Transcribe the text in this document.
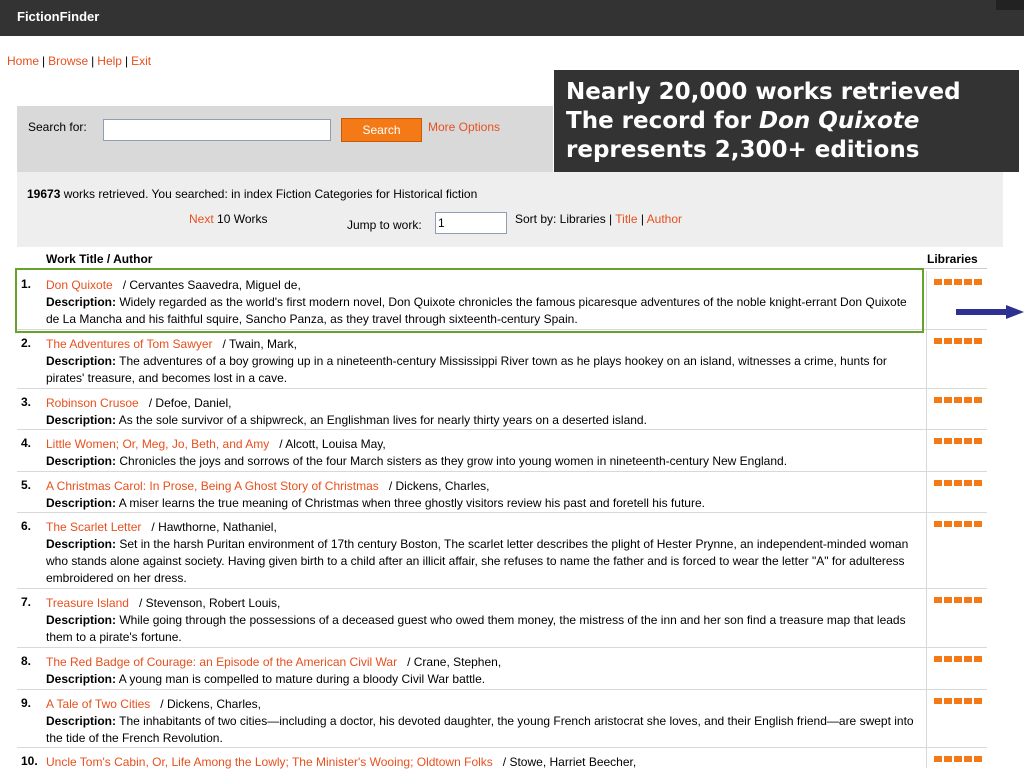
FictionFinder
Home | Browse | Help | Exit
Search for:	Search	More Options
Nearly 20,000 works retrieved
The record for Don Quixote
represents 2,300+ editions
19673 works retrieved. You searched: in index Fiction Categories for Historical fiction
Next 10 Works	Jump to work:
1	Sort by: Libraries | Title | Author
Work Title / Author	Libraries
1. Don Quixote / Cervantes Saavedra, Miguel de,
Description: Widely regarded as the world's first modern novel, Don Quixote chronicles the famous picaresque adventures of the noble knight-errant Don Quixote de La Mancha and his faithful squire, Sancho Panza, as they travel through sixteenth-century Spain.
2. The Adventures of Tom Sawyer / Twain, Mark,
Description: The adventures of a boy growing up in a nineteenth-century Mississippi River town as he plays hookey on an island, witnesses a crime, hunts for pirates' treasure, and becomes lost in a cave.
3. Robinson Crusoe / Defoe, Daniel,
Description: As the sole survivor of a shipwreck, an Englishman lives for nearly thirty years on a deserted island.
4. Little Women; Or, Meg, Jo, Beth, and Amy / Alcott, Louisa May,
Description: Chronicles the joys and sorrows of the four March sisters as they grow into young women in nineteenth-century New England.
5. A Christmas Carol: In Prose, Being A Ghost Story of Christmas / Dickens, Charles,
Description: A miser learns the true meaning of Christmas when three ghostly visitors review his past and foretell his future.
6. The Scarlet Letter / Hawthorne, Nathaniel,
Description: Set in the harsh Puritan environment of 17th century Boston, The scarlet letter describes the plight of Hester Prynne, an independent-minded woman who stands alone against society. Having given birth to a child after an illicit affair, she refuses to name the father and is forced to wear the letter "A" for adulteress embroidered on her dress.
7. Treasure Island / Stevenson, Robert Louis,
Description: While going through the possessions of a deceased guest who owed them money, the mistress of the inn and her son find a treasure map that leads them to a pirate's fortune.
8. The Red Badge of Courage: an Episode of the American Civil War / Crane, Stephen,
Description: A young man is compelled to mature during a bloody Civil War battle.
9. A Tale of Two Cities / Dickens, Charles,
Description: The inhabitants of two cities—including a doctor, his devoted daughter, the young French aristocrat she loves, and their English friend—are swept into the tide of the French Revolution.
10. Uncle Tom's Cabin, Or, Life Among the Lowly; The Minister's Wooing; Oldtown Folks / Stowe, Harriet Beecher,
